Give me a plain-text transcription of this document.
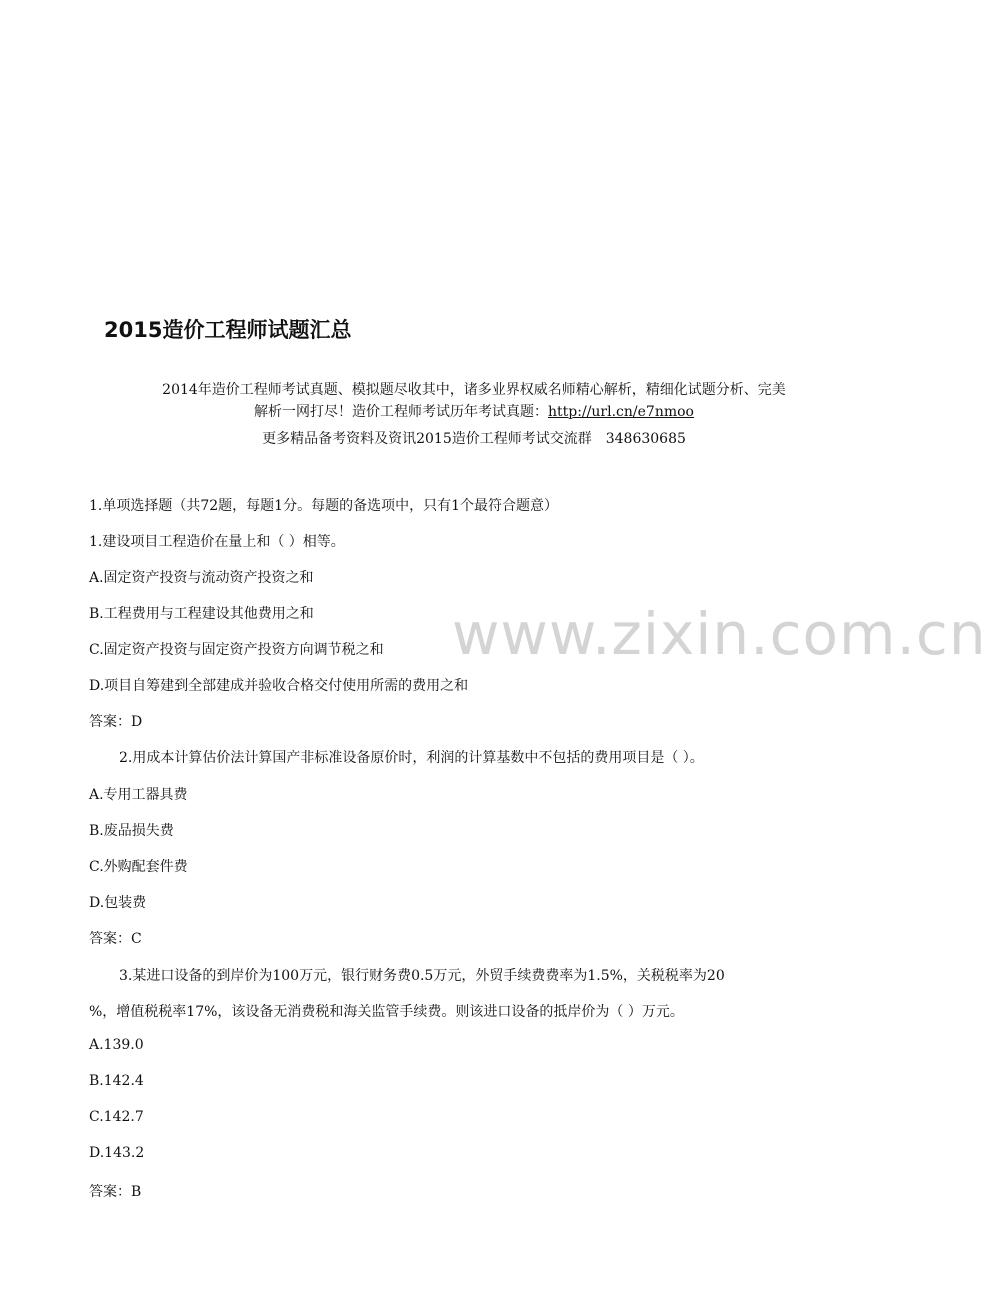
www.zixin.com.cn
2015造价工程师试题汇总
2014年造价工程师考试真题、模拟题尽收其中，诸多业界权威名师精心解析，精细化试题分析、完美
解析一网打尽！造价工程师考试历年考试真题：http://url.cn/e7nmoo
更多精品备考资料及资讯2015造价工程师考试交流群　348630685
1.单项选择题（共72题，每题1分。每题的备选项中，只有1个最符合题意）
1.建设项目工程造价在量上和（ ）相等。
A.固定资产投资与流动资产投资之和
B.工程费用与工程建设其他费用之和
C.固定资产投资与固定资产投资方向调节税之和
D.项目自筹建到全部建成并验收合格交付使用所需的费用之和
答案：D
2.用成本计算估价法计算国产非标准设备原价时，利润的计算基数中不包括的费用项目是（ ）。
A.专用工器具费
B.废品损失费
C.外购配套件费
D.包装费
答案：C
3.某进口设备的到岸价为100万元，银行财务费0.5万元，外贸手续费费率为1.5%，关税税率为20
%，增值税税率17%，该设备无消费税和海关监管手续费。则该进口设备的抵岸价为（ ）万元。
A.139.0
B.142.4
C.142.7
D.143.2
答案：B
